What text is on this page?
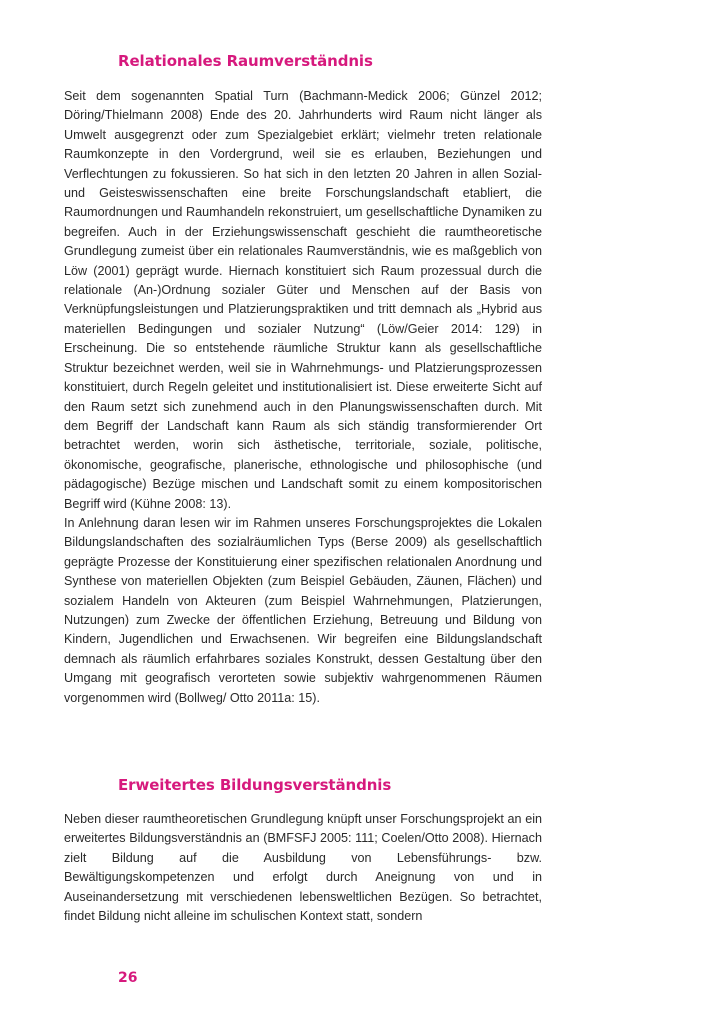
Relationales Raumverständnis

Seit dem sogenannten Spatial Turn (Bachmann-Medick 2006; Günzel 2012; Döring/Thielmann 2008) Ende des 20. Jahrhunderts wird Raum nicht länger als Umwelt ausgegrenzt oder zum Spezialgebiet erklärt; vielmehr treten relationale Raumkonzepte in den Vordergrund, weil sie es erlauben, Beziehungen und Verflechtungen zu fokussieren. So hat sich in den letzten 20 Jahren in allen Sozial- und Geisteswissenschaften eine breite Forschungslandschaft etabliert, die Raumordnungen und Raumhandeln rekonstruiert, um gesellschaftliche Dynamiken zu begreifen. Auch in der Erziehungswissenschaft geschieht die raumtheoretische Grundlegung zumeist über ein relationales Raumverständnis, wie es maßgeblich von Löw (2001) geprägt wurde. Hiernach konstituiert sich Raum prozessual durch die relationale (An-)Ordnung sozialer Güter und Menschen auf der Basis von Verknüpfungsleistungen und Platzierungspraktiken und tritt demnach als „Hybrid aus materiellen Bedingungen und sozialer Nutzung“ (Löw/Geier 2014: 129) in Erscheinung. Die so entstehende räumliche Struktur kann als gesellschaftliche Struktur bezeichnet werden, weil sie in Wahrnehmungs- und Platzierungsprozessen konstituiert, durch Regeln geleitet und institutionalisiert ist. Diese erweiterte Sicht auf den Raum setzt sich zunehmend auch in den Planungswissenschaften durch. Mit dem Begriff der Landschaft kann Raum als sich ständig transformierender Ort betrachtet werden, worin sich ästhetische, territoriale, soziale, politische, ökonomische, geografische, planerische, ethnologische und philosophische (und pädagogische) Bezüge mischen und Landschaft somit zu einem kompositorischen Begriff wird (Kühne 2008: 13).

In Anlehnung daran lesen wir im Rahmen unseres Forschungsprojektes die Lokalen Bildungslandschaften des sozialräumlichen Typs (Berse 2009) als gesellschaftlich geprägte Prozesse der Konstituierung einer spezifischen relationalen Anordnung und Synthese von materiellen Objekten (zum Beispiel Gebäuden, Zäunen, Flächen) und sozialem Handeln von Akteuren (zum Beispiel Wahrnehmungen, Platzierungen, Nutzungen) zum Zwecke der öffentlichen Erziehung, Betreuung und Bildung von Kindern, Jugendlichen und Erwachsenen. Wir begreifen eine Bildungslandschaft demnach als räumlich erfahrbares soziales Konstrukt, dessen Gestaltung über den Umgang mit geografisch verorteten sowie subjektiv wahrgenommenen Räumen vorgenommen wird (Bollweg/ Otto 2011a: 15).

Erweitertes Bildungsverständnis

Neben dieser raumtheoretischen Grundlegung knüpft unser Forschungsprojekt an ein erweitertes Bildungsverständnis an (BMFSFJ 2005: 111; Coelen/Otto 2008). Hiernach zielt Bildung auf die Ausbildung von Lebensführungs- bzw. Bewältigungskompetenzen und erfolgt durch Aneignung von und in Auseinandersetzung mit verschiedenen lebensweltlichen Bezügen. So betrachtet, findet Bildung nicht alleine im schulischen Kontext statt, sondern

26
